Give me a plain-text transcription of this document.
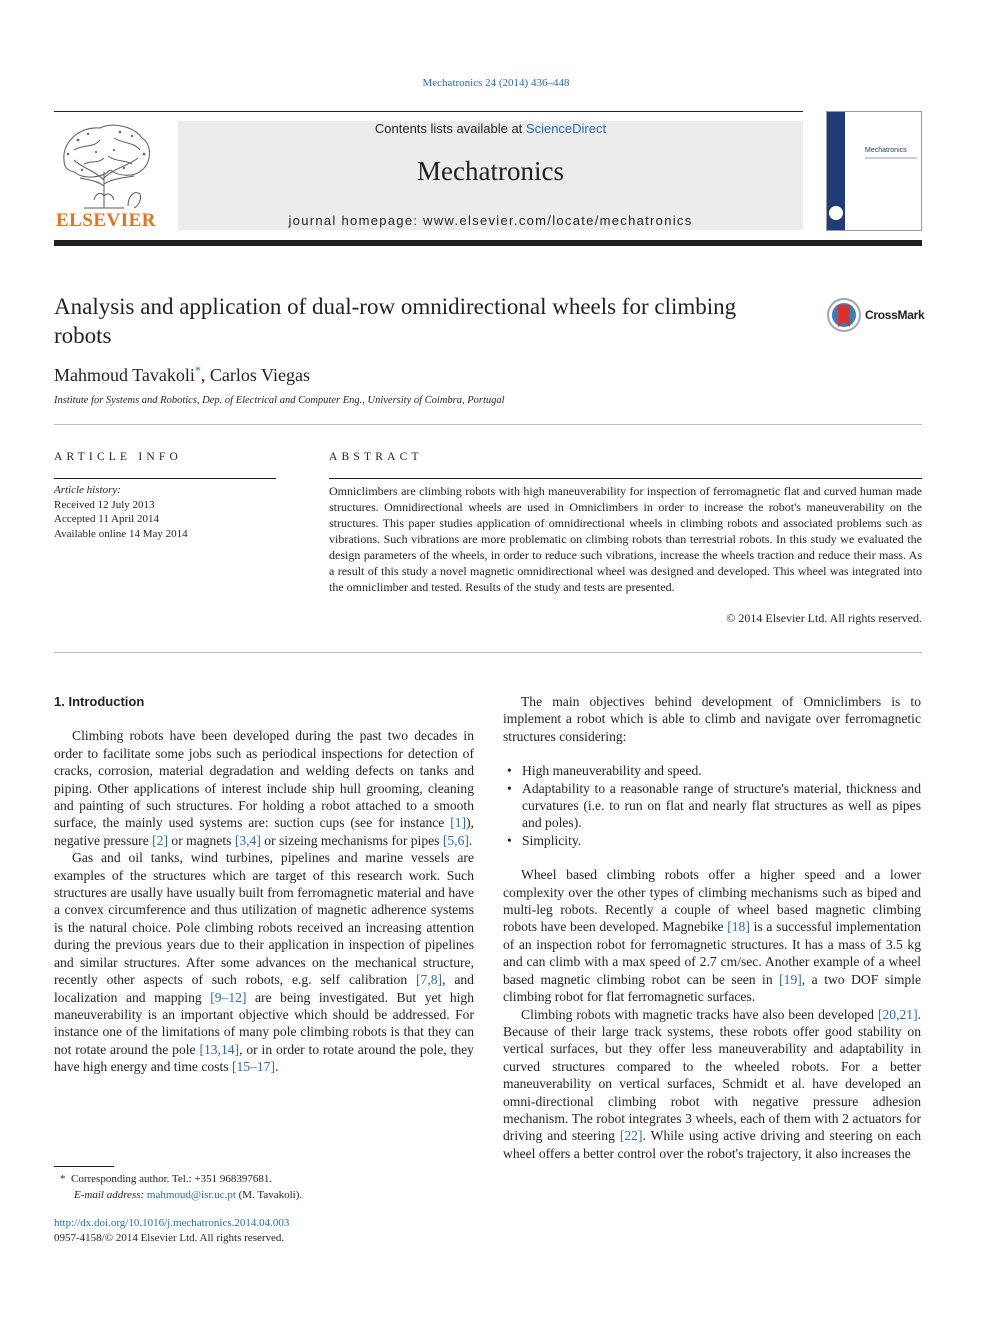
Mechatronics 24 (2014) 436–448
ELSEVIER
Contents lists available at ScienceDirect
Mechatronics
journal homepage: www.elsevier.com/locate/mechatronics
Mechatronics
Analysis and application of dual-row omnidirectional wheels for climbing robots
CrossMark
Mahmoud Tavakoli*, Carlos Viegas
Institute for Systems and Robotics, Dep. of Electrical and Computer Eng., University of Coimbra, Portugal
ARTICLE INFO
Article history:
Received 12 July 2013
Accepted 11 April 2014
Available online 14 May 2014
ABSTRACT
Omniclimbers are climbing robots with high maneuverability for inspection of ferromagnetic flat and curved human made structures. Omnidirectional wheels are used in Omniclimbers in order to increase the robot's maneuverability on the structures. This paper studies application of omnidirectional wheels in climbing robots and associated problems such as vibrations. Such vibrations are more problematic on climbing robots than terrestrial robots. In this study we evaluated the design parameters of the wheels, in order to reduce such vibrations, increase the wheels traction and reduce their mass. As a result of this study a novel magnetic omnidirectional wheel was designed and developed. This wheel was integrated into the omniclimber and tested. Results of the study and tests are presented.
© 2014 Elsevier Ltd. All rights reserved.
1. Introduction

Climbing robots have been developed during the past two decades in order to facilitate some jobs such as periodical inspections for detection of cracks, corrosion, material degradation and welding defects on tanks and piping. Other applications of interest include ship hull grooming, cleaning and painting of such structures. For holding a robot attached to a smooth surface, the mainly used systems are: suction cups (see for instance [1]), negative pressure [2] or magnets [3,4] or sizeing mechanisms for pipes [5,6].

Gas and oil tanks, wind turbines, pipelines and marine vessels are examples of the structures which are target of this research work. Such structures are usally have usually built from ferromagnetic material and have a convex circumference and thus utilization of magnetic adherence systems is the natural choice. Pole climbing robots received an increasing attention during the previous years due to their application in inspection of pipelines and similar structures. After some advances on the mechanical structure, recently other aspects of such robots, e.g. self calibration [7,8], and localization and mapping [9–12] are being investigated. But yet high maneuverability is an important objective which should be addressed. For instance one of the limitations of many pole climbing robots is that they can not rotate around the pole [13,14], or in order to rotate around the pole, they have high energy and time costs [15–17].

The main objectives behind development of Omniclimbers is to implement a robot which is able to climb and navigate over ferromagnetic structures considering:

• High maneuverability and speed.
• Adaptability to a reasonable range of structure's material, thickness and curvatures (i.e. to run on flat and nearly flat structures as well as pipes and poles).
• Simplicity.

Wheel based climbing robots offer a higher speed and a lower complexity over the other types of climbing mechanisms such as biped and multi-leg robots. Recently a couple of wheel based magnetic climbing robots have been developed. Magnebike [18] is a successful implementation of an inspection robot for ferromagnetic structures. It has a mass of 3.5 kg and can climb with a max speed of 2.7 cm/sec. Another example of a wheel based magnetic climbing robot can be seen in [19], a two DOF simple climbing robot for flat ferromagnetic surfaces.

Climbing robots with magnetic tracks have also been developed [20,21]. Because of their large track systems, these robots offer good stability on vertical surfaces, but they offer less maneuverability and adaptability in curved structures compared to the wheeled robots. For a better maneuverability on vertical surfaces, Schmidt et al. have developed an omni-directional climbing robot with negative pressure adhesion mechanism. The robot integrates 3 wheels, each of them with 2 actuators for driving and steering [22]. While using active driving and steering on each wheel offers a better control over the robot's trajectory, it also increases the

* Corresponding author. Tel.: +351 968397681.
E-mail address: mahmoud@isr.uc.pt (M. Tavakoli).
http://dx.doi.org/10.1016/j.mechatronics.2014.04.003
0957-4158/© 2014 Elsevier Ltd. All rights reserved.
